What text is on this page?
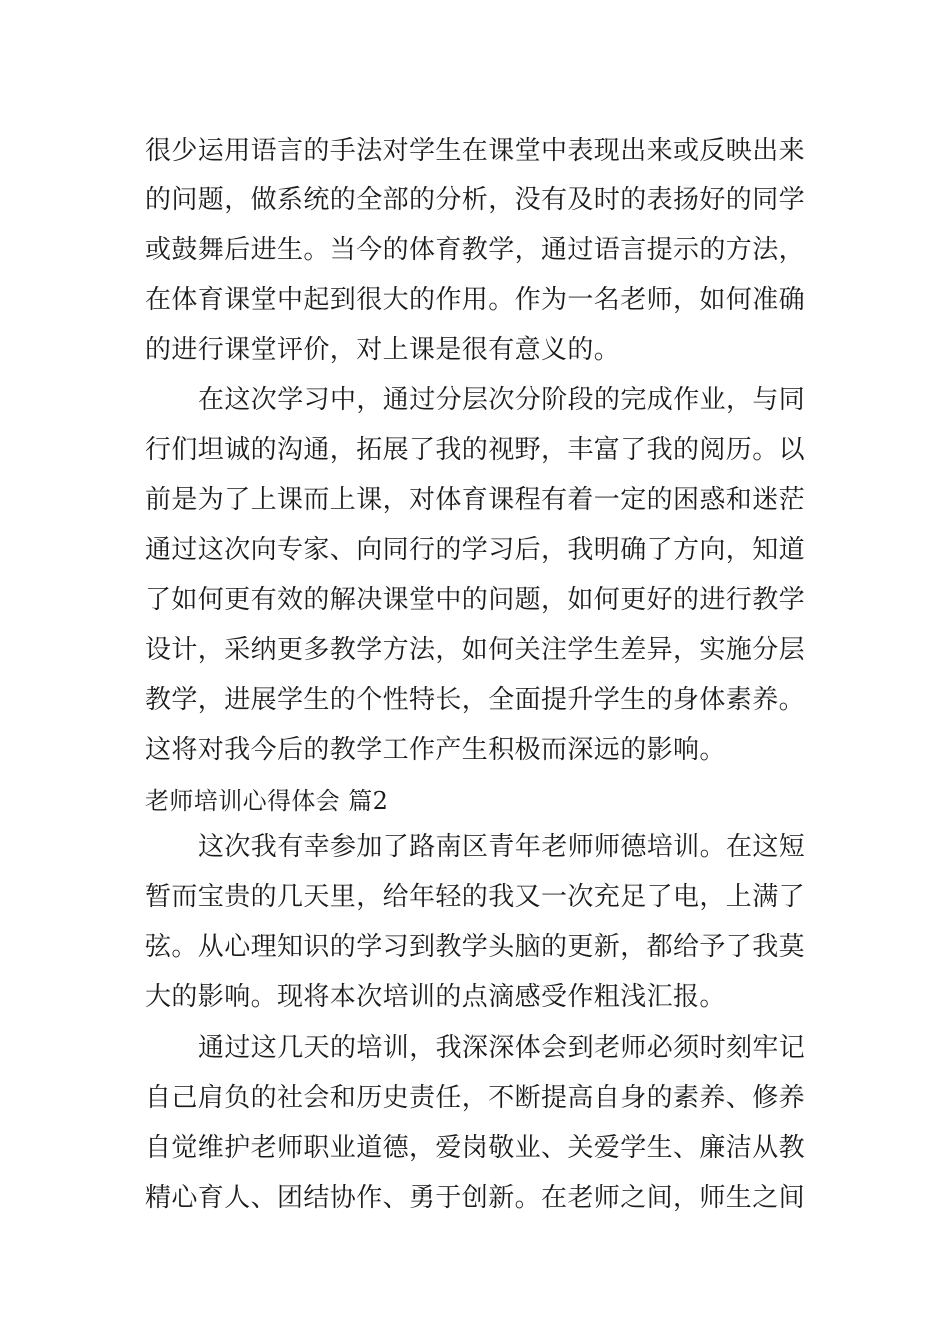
很少运用语言的手法对学生在课堂中表现出来或反映出来
的问题，做系统的全部的分析，没有及时的表扬好的同学
或鼓舞后进生。当今的体育教学，通过语言提示的方法，
在体育课堂中起到很大的作用。作为一名老师，如何准确
的进行课堂评价，对上课是很有意义的。
在这次学习中，通过分层次分阶段的完成作业，与同
行们坦诚的沟通，拓展了我的视野，丰富了我的阅历。以
前是为了上课而上课，对体育课程有着一定的困惑和迷茫
通过这次向专家、向同行的学习后，我明确了方向，知道
了如何更有效的解决课堂中的问题，如何更好的进行教学
设计，采纳更多教学方法，如何关注学生差异，实施分层
教学，进展学生的个性特长，全面提升学生的身体素养。
这将对我今后的教学工作产生积极而深远的影响。
老师培训心得体会 篇2
这次我有幸参加了路南区青年老师师德培训。在这短
暂而宝贵的几天里，给年轻的我又一次充足了电，上满了
弦。从心理知识的学习到教学头脑的更新，都给予了我莫
大的影响。现将本次培训的点滴感受作粗浅汇报。
通过这几天的培训，我深深体会到老师必须时刻牢记
自己肩负的社会和历史责任，不断提高自身的素养、修养
自觉维护老师职业道德，爱岗敬业、关爱学生、廉洁从教
精心育人、团结协作、勇于创新。在老师之间，师生之间
